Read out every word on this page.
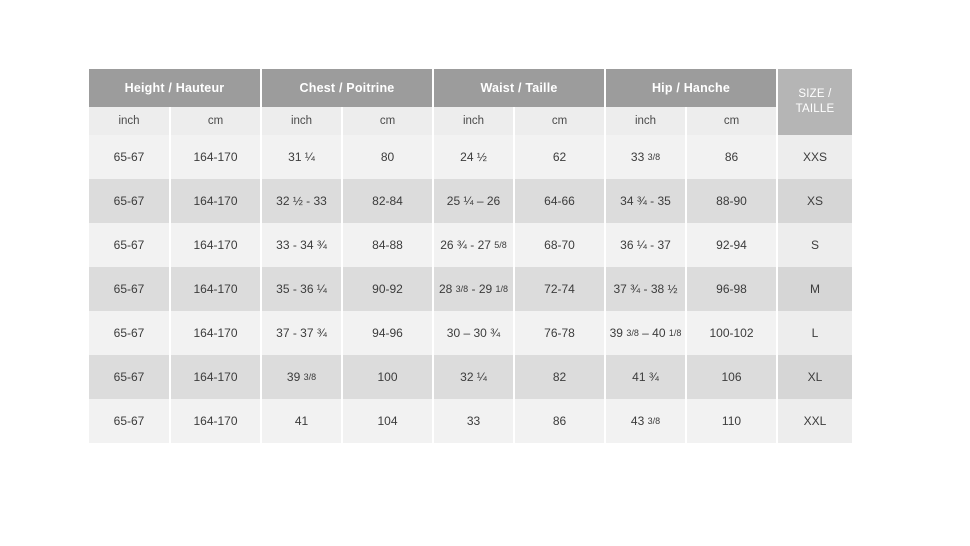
Height / Hauteur		Chest / Poitrine		Waist / Taille		Hip / Hanche		SIZE /
TAILLE
inch	cm	inch	cm	inch	cm	inch	cm	
65-67	164-170	31 ¼	80	24 ½	62	33 3/8	86	XXS
65-67	164-170	32 ½ - 33	82-84	25 ¼ – 26	64-66	34 ¾ - 35	88-90	XS
65-67	164-170	33 - 34 ¾	84-88	26 ¾ - 27 5/8	68-70	36 ¼ - 37	92-94	S
65-67	164-170	35 - 36 ¼	90-92	28 3/8 - 29 1/8	72-74	37 ¾ - 38 ½	96-98	M
65-67	164-170	37 - 37 ¾	94-96	30 – 30 ¾	76-78	39 3/8 – 40 1/8	100-102	L
65-67	164-170	39 3/8	100	32 ¼	82	41 ¾	106	XL
65-67	164-170	41	104	33	86	43 3/8	110	XXL
